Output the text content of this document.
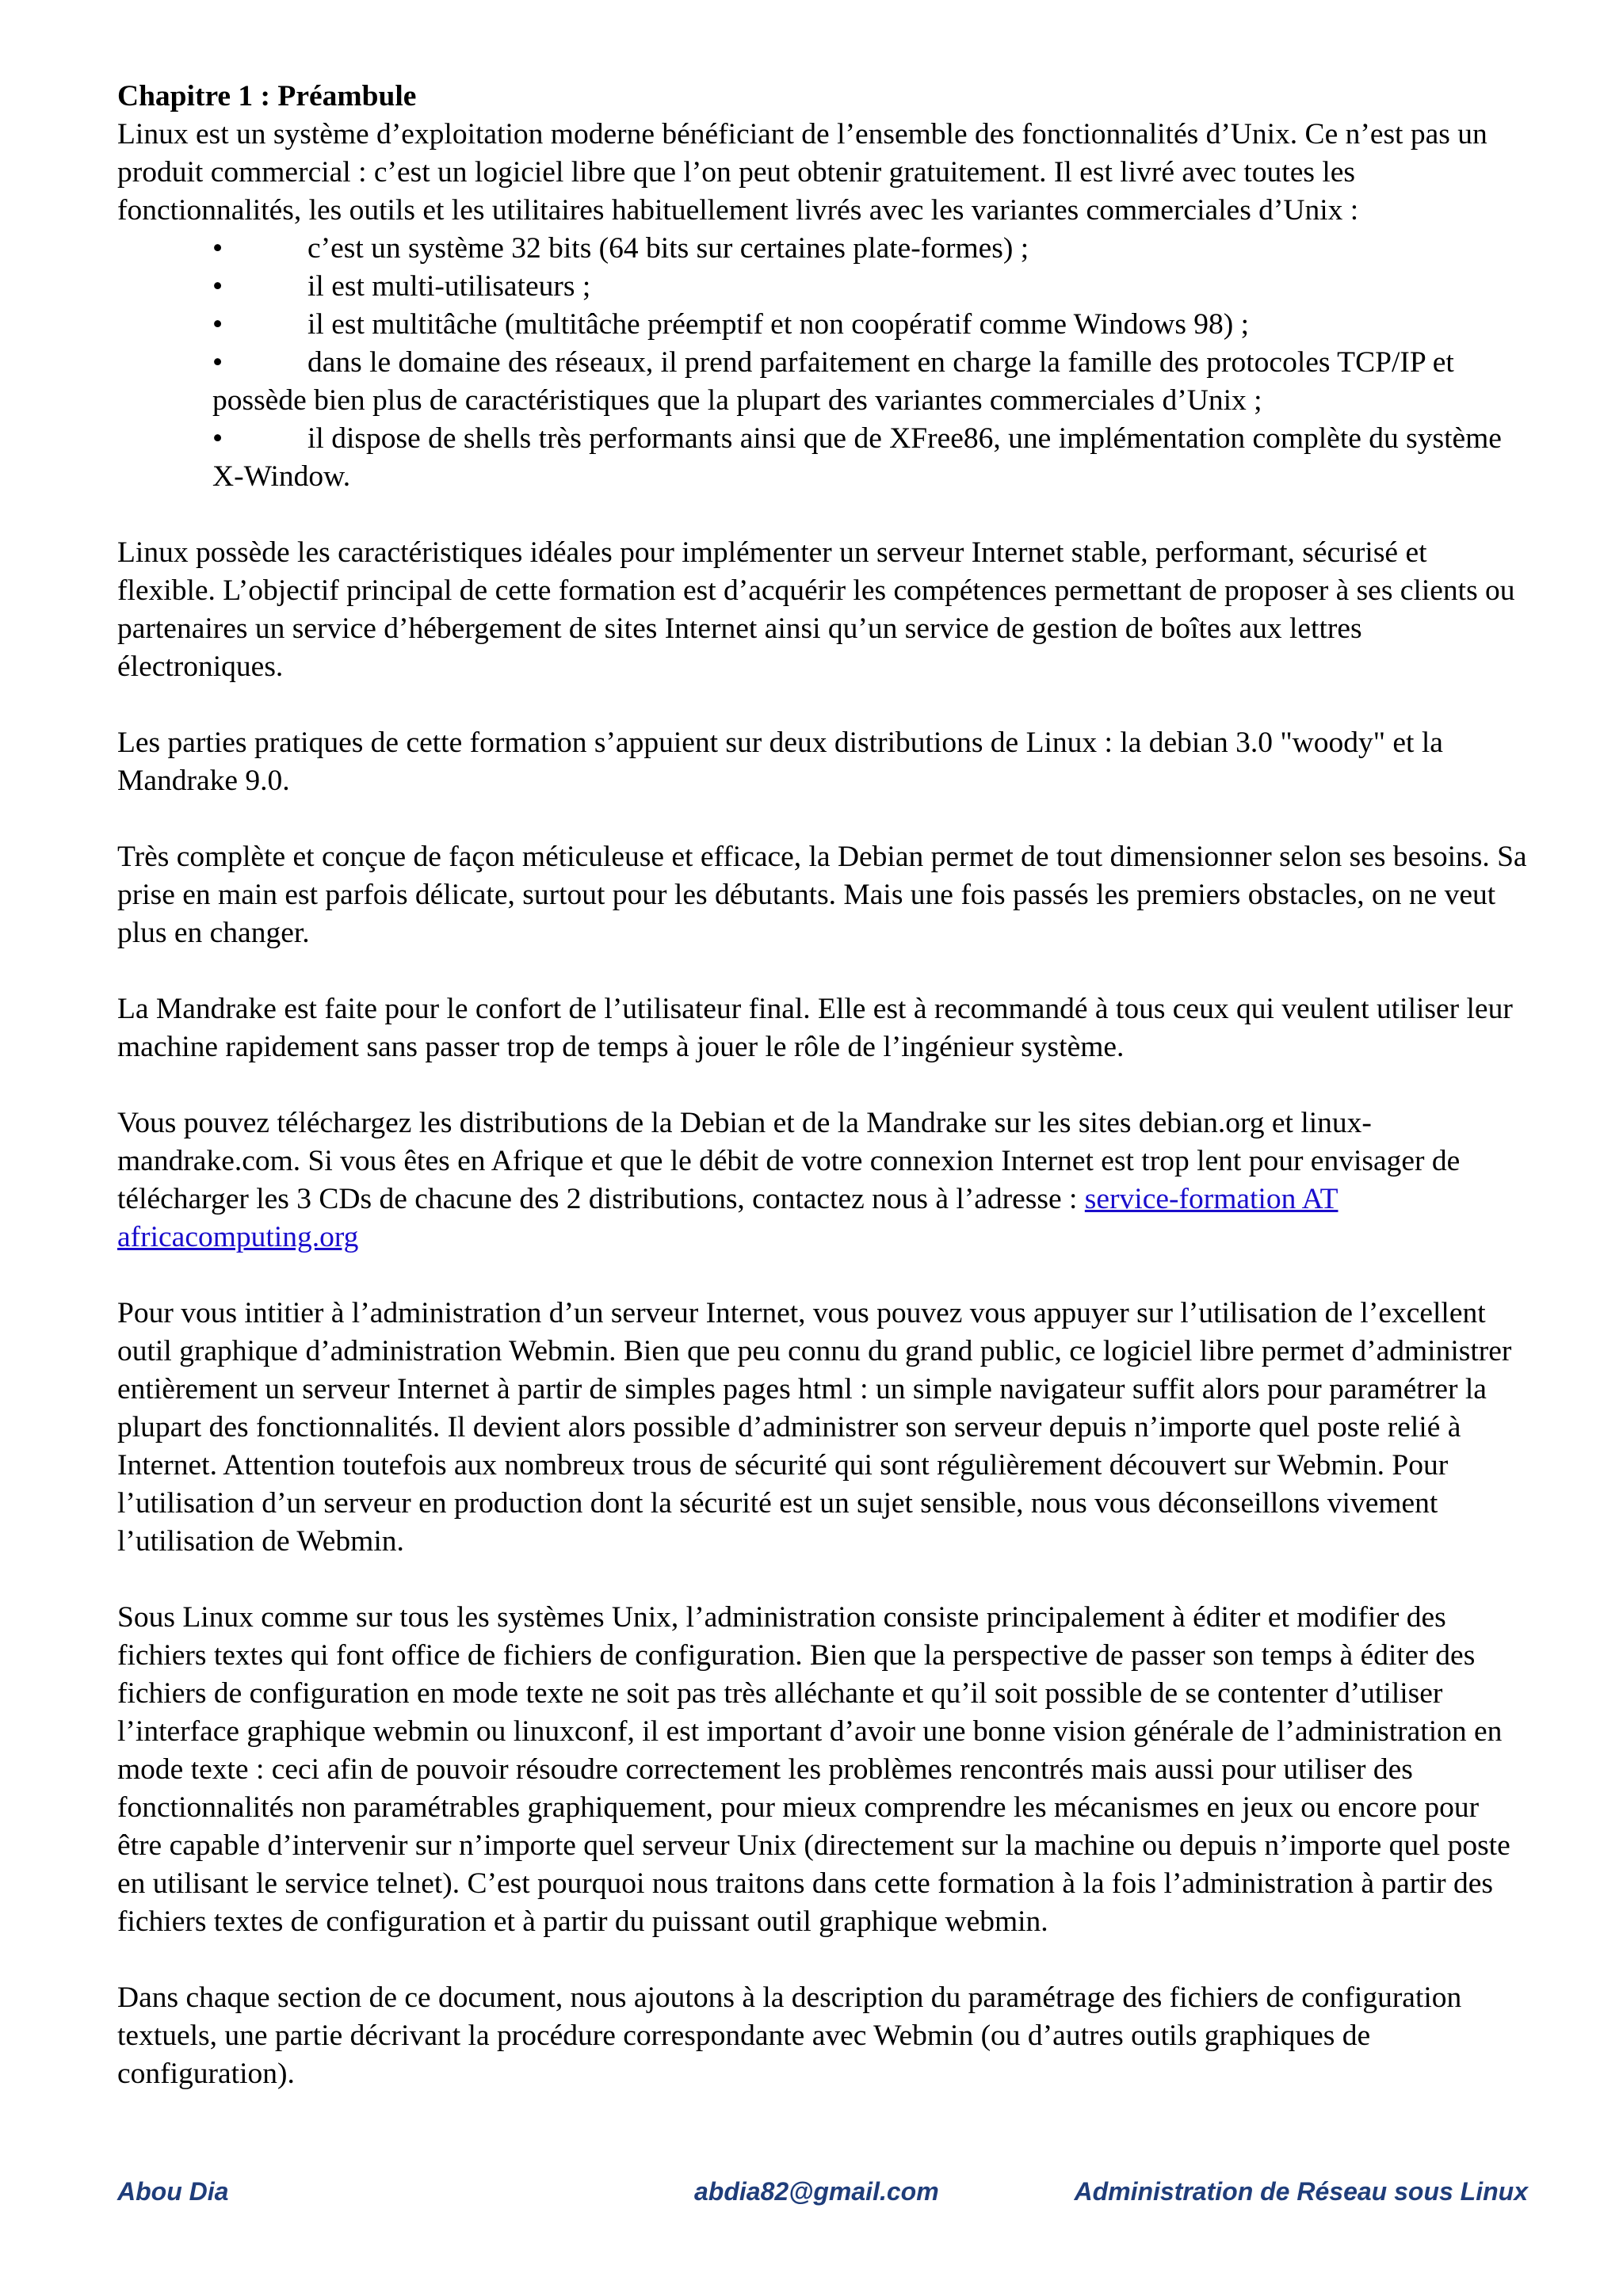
Chapitre 1 : Préambule

Linux est un système d’exploitation moderne bénéficiant de l’ensemble des fonctionnalités d’Unix. Ce n’est pas un produit commercial : c’est un logiciel libre que l’on peut obtenir gratuitement. Il est livré avec toutes les fonctionnalités, les outils et les utilitaires habituellement livrés avec les variantes commerciales d’Unix :

•	c’est un système 32 bits (64 bits sur certaines plate-formes) ;
•	il est multi-utilisateurs ;
•	il est multitâche (multitâche préemptif et non coopératif comme Windows 98) ;
•	dans le domaine des réseaux, il prend parfaitement en charge la famille des protocoles TCP/IP et possède bien plus de caractéristiques que la plupart des variantes commerciales d’Unix ;
•	il dispose de shells très performants ainsi que de XFree86, une implémentation complète du système X-Window.

Linux possède les caractéristiques idéales pour implémenter un serveur Internet stable, performant, sécurisé et flexible. L’objectif principal de cette formation est d’acquérir les compétences permettant de proposer à ses clients ou partenaires un service d’hébergement de sites Internet ainsi qu’un service de gestion de boîtes aux lettres électroniques.

Les parties pratiques de cette formation s’appuient sur deux distributions de Linux : la debian 3.0 "woody" et la Mandrake 9.0.

Très complète et conçue de façon méticuleuse et efficace, la Debian permet de tout dimensionner selon ses besoins. Sa prise en main est parfois délicate, surtout pour les débutants. Mais une fois passés les premiers obstacles, on ne veut plus en changer.

La Mandrake est faite pour le confort de l’utilisateur final. Elle est à recommandé à tous ceux qui veulent utiliser leur machine rapidement sans passer trop de temps à jouer le rôle de l’ingénieur système.

Vous pouvez téléchargez les distributions de la Debian et de la Mandrake sur les sites debian.org et linux-mandrake.com. Si vous êtes en Afrique et que le débit de votre connexion Internet est trop lent pour envisager de télécharger les 3 CDs de chacune des 2 distributions, contactez nous à l’adresse : service-formation AT africacomputing.org

Pour vous intitier à l’administration d’un serveur Internet, vous pouvez vous appuyer sur l’utilisation de l’excellent outil graphique d’administration Webmin. Bien que peu connu du grand public, ce logiciel libre permet d’administrer entièrement un serveur Internet à partir de simples pages html : un simple navigateur suffit alors pour paramétrer la plupart des fonctionnalités. Il devient alors possible d’administrer son serveur depuis n’importe quel poste relié à Internet. Attention toutefois aux nombreux trous de sécurité qui sont régulièrement découvert sur Webmin. Pour l’utilisation d’un serveur en production dont la sécurité est un sujet sensible, nous vous déconseillons vivement l’utilisation de Webmin.

Sous Linux comme sur tous les systèmes Unix, l’administration consiste principalement à éditer et modifier des fichiers textes qui font office de fichiers de configuration. Bien que la perspective de passer son temps à éditer des fichiers de configuration en mode texte ne soit pas très alléchante et qu’il soit possible de se contenter d’utiliser l’interface graphique webmin ou linuxconf, il est important d’avoir une bonne vision générale de l’administration en mode texte : ceci afin de pouvoir résoudre correctement les problèmes rencontrés mais aussi pour utiliser des fonctionnalités non paramétrables graphiquement, pour mieux comprendre les mécanismes en jeux ou encore pour être capable d’intervenir sur n’importe quel serveur Unix (directement sur la machine ou depuis n’importe quel poste en utilisant le service telnet). C’est pourquoi nous traitons dans cette formation à la fois l’administration à partir des fichiers textes de configuration et à partir du puissant outil graphique webmin.

Dans chaque section de ce document, nous ajoutons à la description du paramétrage des fichiers de configuration textuels, une partie décrivant la procédure correspondante avec Webmin (ou d’autres outils graphiques de configuration).

Abou Dia	abdia82@gmail.com	Administration de Réseau sous Linux
